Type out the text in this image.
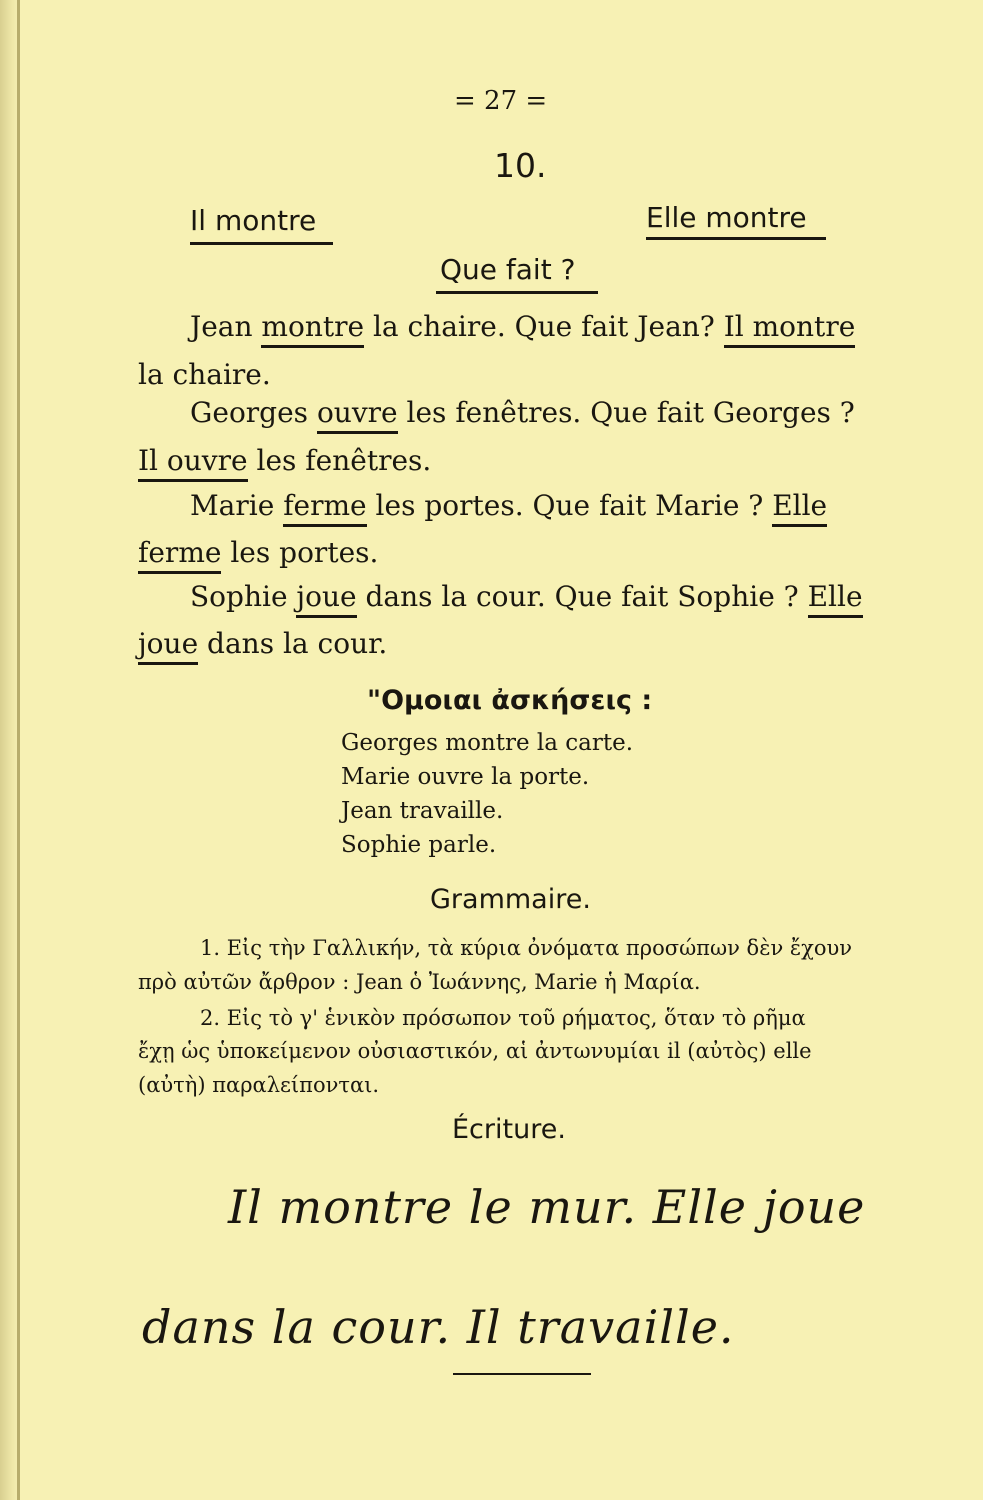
= 27 =
10.
Il montre	Elle montre
Que fait ?
Jean montre la chaire. Que fait Jean? Il montre
la chaire.
Georges ouvre les fenêtres. Que fait Georges ?
Il ouvre les fenêtres.
Marie ferme les portes. Que fait Marie ? Elle
ferme les portes.
Sophie joue dans la cour. Que fait Sophie ? Elle
joue dans la cour.
"Ομοιαι ἀσκήσεις :
Georges montre la carte.
Marie ouvre la porte.
Jean travaille.
Sophie parle.
Grammaire.
1. Εἰς τὴν Γαλλικήν, τὰ κύρια ὀνόματα προσώπων δὲν ἔχουν
πρὸ αὐτῶν ἄρθρον : Jean ὁ Ἰωάννης, Marie ἡ Μαρία.
2. Εἰς τὸ γ' ἑνικὸν πρόσωπον τοῦ ρήματος, ὅταν τὸ ρῆμα
ἔχῃ ὡς ὑποκείμενον οὐσιαστικόν, αἱ ἀντωνυμίαι il (αὐτὸς) elle
(αὐτὴ) παραλείπονται.
Écriture.
Il montre le mur. Elle joue
dans la cour. Il travaille.
